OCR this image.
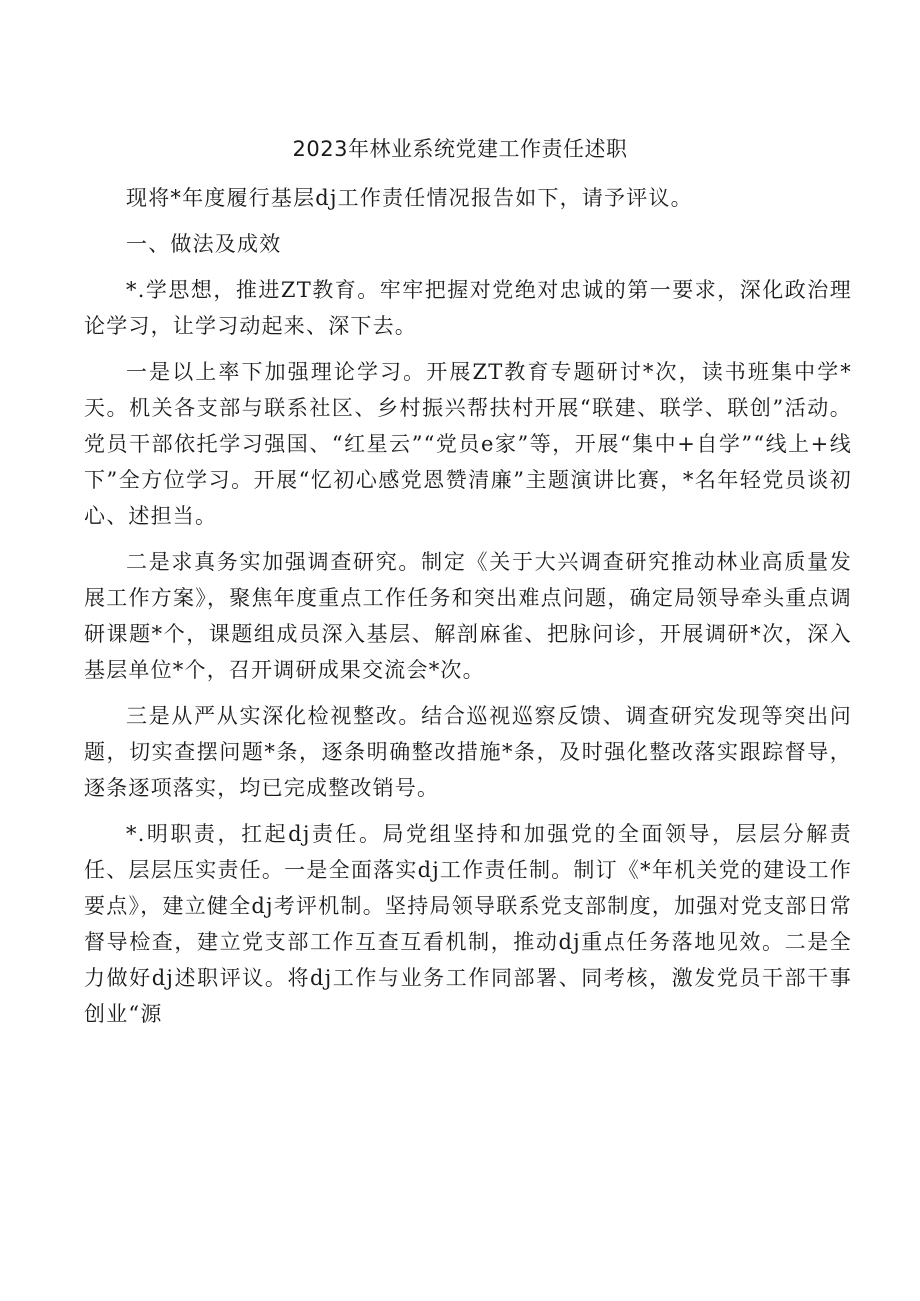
2023年林业系统党建工作责任述职

现将*年度履行基层dj工作责任情况报告如下，请予评议。

一、做法及成效

*.学思想，推进ZT教育。牢牢把握对党绝对忠诚的第一要求，深化政治理论学习，让学习动起来、深下去。

一是以上率下加强理论学习。开展ZT教育专题研讨*次，读书班集中学*天。机关各支部与联系社区、乡村振兴帮扶村开展“联建、联学、联创”活动。党员干部依托学习强国、“红星云”“党员e家”等，开展“集中+自学”“线上+线下”全方位学习。开展“忆初心感党恩赞清廉”主题演讲比赛，*名年轻党员谈初心、述担当。

二是求真务实加强调查研究。制定《关于大兴调查研究推动林业高质量发展工作方案》，聚焦年度重点工作任务和突出难点问题，确定局领导牵头重点调研课题*个，课题组成员深入基层、解剖麻雀、把脉问诊，开展调研*次，深入基层单位*个，召开调研成果交流会*次。

三是从严从实深化检视整改。结合巡视巡察反馈、调查研究发现等突出问题，切实查摆问题*条，逐条明确整改措施*条，及时强化整改落实跟踪督导，逐条逐项落实，均已完成整改销号。

*.明职责，扛起dj责任。局党组坚持和加强党的全面领导，层层分解责任、层层压实责任。一是全面落实dj工作责任制。制订《*年机关党的建设工作要点》，建立健全dj考评机制。坚持局领导联系党支部制度，加强对党支部日常督导检查，建立党支部工作互查互看机制，推动dj重点任务落地见效。二是全力做好dj述职评议。将dj工作与业务工作同部署、同考核，激发党员干部干事创业“源
